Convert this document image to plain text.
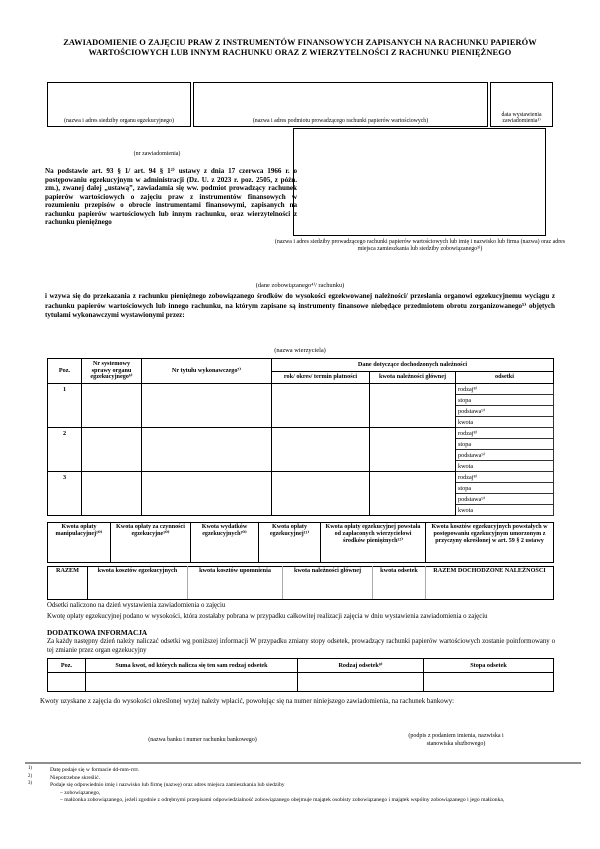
ZAWIADOMIENIE O ZAJĘCIU PRAW Z INSTRUMENTÓW FINANSOWYCH ZAPISANYCH NA RACHUNKU PAPIERÓW WARTOŚCIOWYCH LUB INNYM RACHUNKU ORAZ Z WIERZYTELNOŚCI Z RACHUNKU PIENIĘŻNEGO
(nazwa i adres siedziby organu egzekucyjnego)	(nazwa i adres podmiotu prowadzącego rachunki papierów wartościowych)
data wystawienia zawiadomienia¹⁾
(nr zawiadomienia)
Na podstawie art. 93 § 1/ art. 94 § 1²⁾ ustawy z dnia 17 czerwca 1966 r. o postępowaniu egzekucyjnym w administracji (Dz. U. z 2023 r. poz. 2505, z późn. zm.), zwanej dalej „ustawą”, zawiadamia się ww. podmiot prowadzący rachunek papierów wartościowych o zajęciu praw z instrumentów finansowych w rozumieniu przepisów o obrocie instrumentami finansowymi, zapisanych na rachunku papierów wartościowych lub innym rachunku, oraz wierzytelności z rachunku pieniężnego
(nazwa i adres siedziby prowadzącego rachunki papierów wartościowych lub imię i nazwisko lub firma (nazwa) oraz adres miejsca zamieszkania lub siedziby zobowiązanego³⁾)
(dane zobowiązanego⁴⁾/ rachunku)
i wzywa się do przekazania z rachunku pieniężnego zobowiązanego środków do wysokości egzekwowanej należności/ przesłania organowi egzekucyjnemu wyciągu z rachunku papierów wartościowych lub innego rachunku, na którym zapisane są instrumenty finansowe niebędące przedmiotem obrotu zorganizowanego⁵⁾ objętych tytułami wykonawczymi wystawionymi przez:
(nazwa wierzyciela)
Poz.	Nr systemowy sprawy organu egzekucyjnego⁶⁾	Nr tytułu wykonawczego⁷⁾	Dane dotyczące dochodzonych należności		
			rok/ okres/ termin płatności	kwota należności głównej	odsetki
1					rodzaj⁸⁾
					stopa
					podstawa⁹⁾
					kwota
2					rodzaj⁸⁾
					stopa
					podstawa⁹⁾
					kwota
3					rodzaj⁸⁾
					stopa
					podstawa⁹⁾
					kwota
Kwota opłaty manipulacyjnej¹⁰⁾	Kwota opłaty za czynności egzekucyjne¹⁰⁾	Kwota wydatków egzekucyjnych¹⁰⁾	Kwota opłaty egzekucyjnej¹¹⁾	Kwota opłaty egzekucyjnej powstała od zapłaconych wierzycielowi środków pieniężnych¹²⁾	Kwota kosztów egzekucyjnych powstałych w postępowaniu egzekucyjnym umorzonym z przyczyny określonej w art. 59 § 2 ustawy
RAZEM	kwota kosztów egzekucyjnych	kwota kosztów upomnienia	kwota należności głównej	kwota odsetek	RAZEM DOCHODZONE NALEŻNOŚCI
Odsetki naliczono na dzień wystawienia zawiadomienia o zajęciu
Kwotę opłaty egzekucyjnej podano w wysokości, która zostałaby pobrana w przypadku całkowitej realizacji zajęcia w dniu wystawienia zawiadomienia o zajęciu
DODATKOWA INFORMACJA
Za każdy następny dzień należy naliczać odsetki wg poniższej informacji W przypadku zmiany stopy odsetek, prowadzący rachunki papierów wartościowych zostanie poinformowany o tej zmianie przez organ egzekucyjny
Poz.	Suma kwot, od których nalicza się ten sam rodzaj odsetek	Rodzaj odsetek⁸⁾	Stopa odsetek

Kwoty uzyskane z zajęcia do wysokości określonej wyżej należy wpłacić, powołując się na numer niniejszego zawiadomienia, na rachunek bankowy:
(nazwa banku i numer rachunku bankowego)
(podpis z podaniem imienia, nazwiska i stanowiska służbowego)
1)	Datę podaje się w formacie dd-mm-rrrr.
2)	Niepotrzebne skreślić.
3)	Podaje się odpowiednio imię i nazwisko lub firmę (nazwę) oraz adres miejsca zamieszkania lub siedziby
– zobowiązanego,
– małżonka zobowiązanego, jeżeli zgodnie z odrębnymi przepisami odpowiedzialność zobowiązanego obejmuje majątek osobisty zobowiązanego i majątek wspólny zobowiązanego i jego małżonka,
